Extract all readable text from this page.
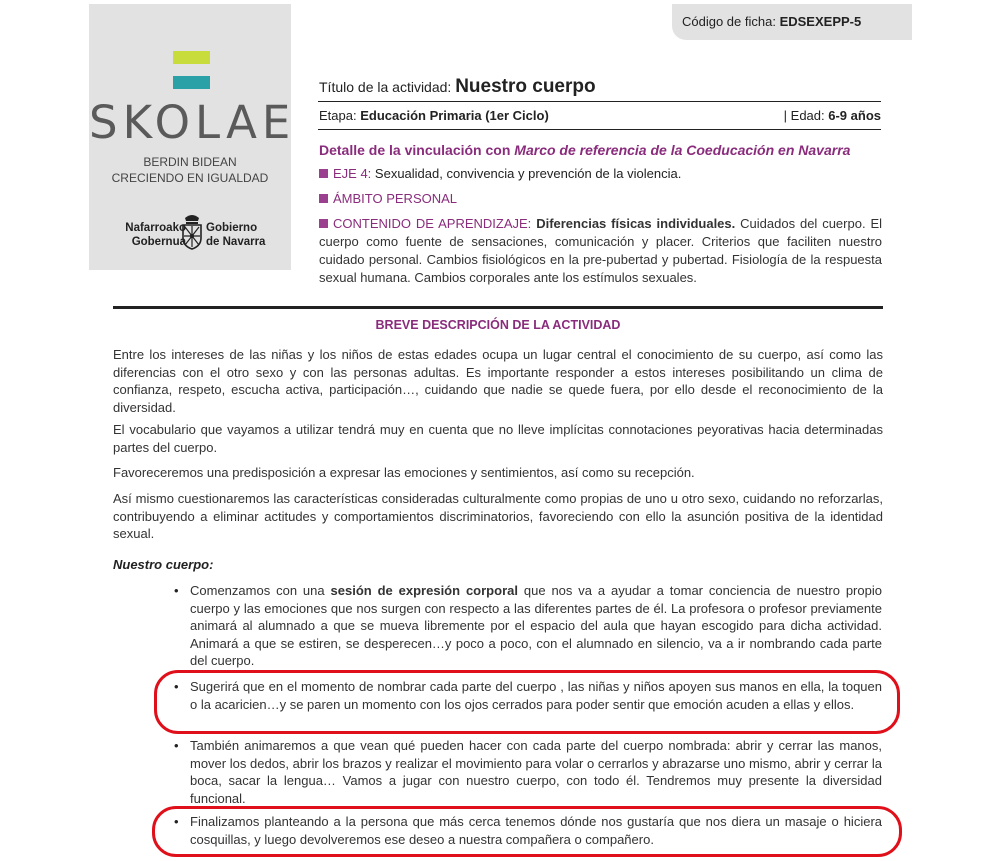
SKOLAE
BERDIN BIDEAN
CRECIENDO EN IGUALDAD
Nafarroako
Gobernua
Gobierno
de Navarra
Código de ficha: EDSEXEPP-5
Título de la actividad: Nuestro cuerpo
Etapa: Educación Primaria (1er Ciclo)	| Edad: 6-9 años
Detalle de la vinculación con Marco de referencia de la Coeducación en Navarra
EJE 4: Sexualidad, convivencia y prevención de la violencia.
ÁMBITO PERSONAL
CONTENIDO DE APRENDIZAJE: Diferencias físicas individuales. Cuidados del cuerpo. El cuerpo como fuente de sensaciones, comunicación y placer. Criterios que faciliten nuestro cuidado personal. Cambios fisiológicos en la pre-pubertad y pubertad. Fisiología de la respuesta sexual humana. Cambios corporales ante los estímulos sexuales.
BREVE DESCRIPCIÓN DE LA ACTIVIDAD

Entre los intereses de las niñas y los niños de estas edades ocupa un lugar central el conocimiento de su cuerpo, así como las diferencias con el otro sexo y con las personas adultas. Es importante responder a estos intereses posibilitando un clima de confianza, respeto, escucha activa, participación…, cuidando que nadie se quede fuera, por ello desde el reconocimiento de la diversidad.

El vocabulario que vayamos a utilizar tendrá muy en cuenta que no lleve implícitas connotaciones peyorativas hacia determinadas partes del cuerpo.

Favoreceremos una predisposición a expresar las emociones y sentimientos, así como su recepción.

Así mismo cuestionaremos las características consideradas culturalmente como propias de uno u otro sexo, cuidando no reforzarlas, contribuyendo a eliminar actitudes y comportamientos discriminatorios, favoreciendo con ello la asunción positiva de la identidad sexual.

Nuestro cuerpo:
• Comenzamos con una sesión de expresión corporal que nos va a ayudar a tomar conciencia de nuestro propio cuerpo y las emociones que nos surgen con respecto a las diferentes partes de él. La profesora o profesor previamente animará al alumnado a que se mueva libremente por el espacio del aula que hayan escogido para dicha actividad. Animará a que se estiren, se desperecen…y poco a poco, con el alumnado en silencio, va a ir nombrando cada parte del cuerpo.
• Sugerirá que en el momento de nombrar cada parte del cuerpo , las niñas y niños apoyen sus manos en ella, la toquen o la acaricien…y se paren un momento con los ojos cerrados para poder sentir que emoción acuden a ellas y ellos.
• También animaremos a que vean qué pueden hacer con cada parte del cuerpo nombrada: abrir y cerrar las manos, mover los dedos, abrir los brazos y realizar el movimiento para volar o cerrarlos y abrazarse uno mismo, abrir y cerrar la boca, sacar la lengua… Vamos a jugar con nuestro cuerpo, con todo él. Tendremos muy presente la diversidad funcional.
• Finalizamos planteando a la persona que más cerca tenemos dónde nos gustaría que nos diera un masaje o hiciera cosquillas, y luego devolveremos ese deseo a nuestra compañera o compañero.
